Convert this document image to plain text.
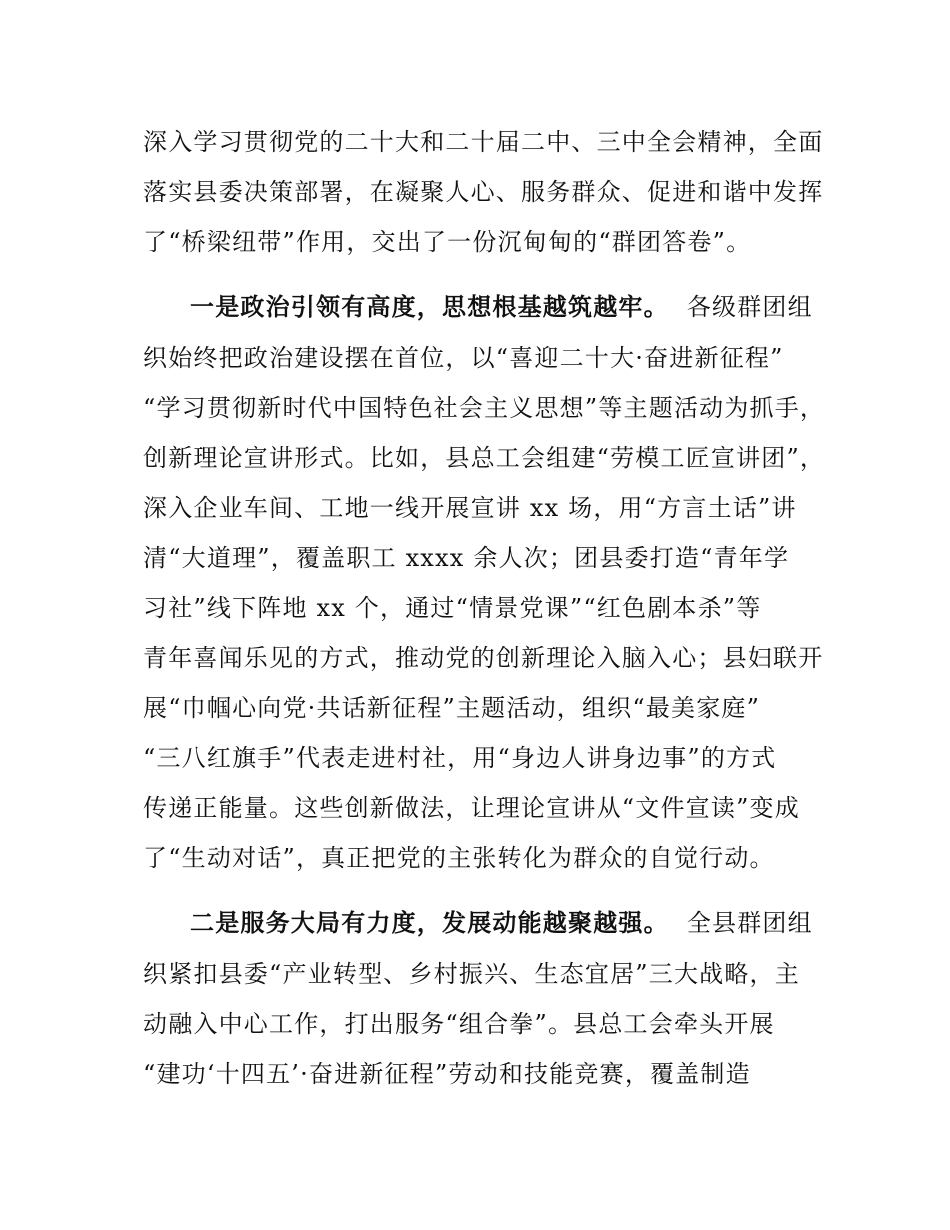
深入学习贯彻党的二十大和二十届二中、三中全会精神，全面
落实县委决策部署，在凝聚人心、服务群众、促进和谐中发挥
了“桥梁纽带”作用，交出了一份沉甸甸的“群团答卷”。
一是政治引领有高度，思想根基越筑越牢。 各级群团组
织始终把政治建设摆在首位，以“喜迎二十大·奋进新征程”
“学习贯彻新时代中国特色社会主义思想”等主题活动为抓手，
创新理论宣讲形式。比如，县总工会组建“劳模工匠宣讲团”，
深入企业车间、工地一线开展宣讲 xx 场，用“方言土话”讲
清“大道理”，覆盖职工 xxxx 余人次；团县委打造“青年学
习社”线下阵地 xx 个，通过“情景党课”“红色剧本杀”等
青年喜闻乐见的方式，推动党的创新理论入脑入心；县妇联开
展“巾帼心向党·共话新征程”主题活动，组织“最美家庭”
“三八红旗手”代表走进村社，用“身边人讲身边事”的方式
传递正能量。这些创新做法，让理论宣讲从“文件宣读”变成
了“生动对话”，真正把党的主张转化为群众的自觉行动。
二是服务大局有力度，发展动能越聚越强。 全县群团组
织紧扣县委“产业转型、乡村振兴、生态宜居”三大战略，主
动融入中心工作，打出服务“组合拳”。县总工会牵头开展
“建功‘十四五’·奋进新征程”劳动和技能竞赛，覆盖制造
